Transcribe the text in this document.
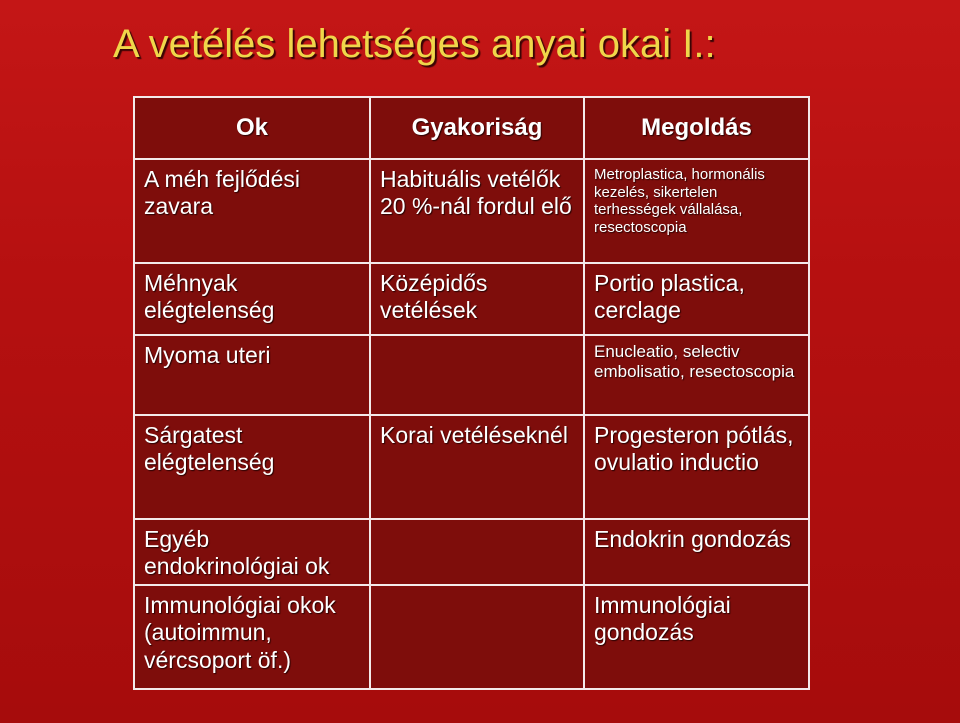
A vetélés lehetséges anyai okai I.:
Ok	Gyakoriság	Megoldás
A méh fejlődési zavara	Habituális vetélők 20 %-nál fordul elő	Metroplastica, hormonális kezelés, sikertelen terhességek vállalása, resectoscopia
Méhnyak elégtelenség	Középidős vetélések	Portio plastica, cerclage
Myoma uteri		Enucleatio, selectiv embolisatio, resectoscopia
Sárgatest elégtelenség	Korai vetéléseknél	Progesteron pótlás, ovulatio inductio
Egyéb endokrinológiai ok		Endokrin gondozás
Immunológiai okok (autoimmun, vércsoport öf.)		Immunológiai gondozás
